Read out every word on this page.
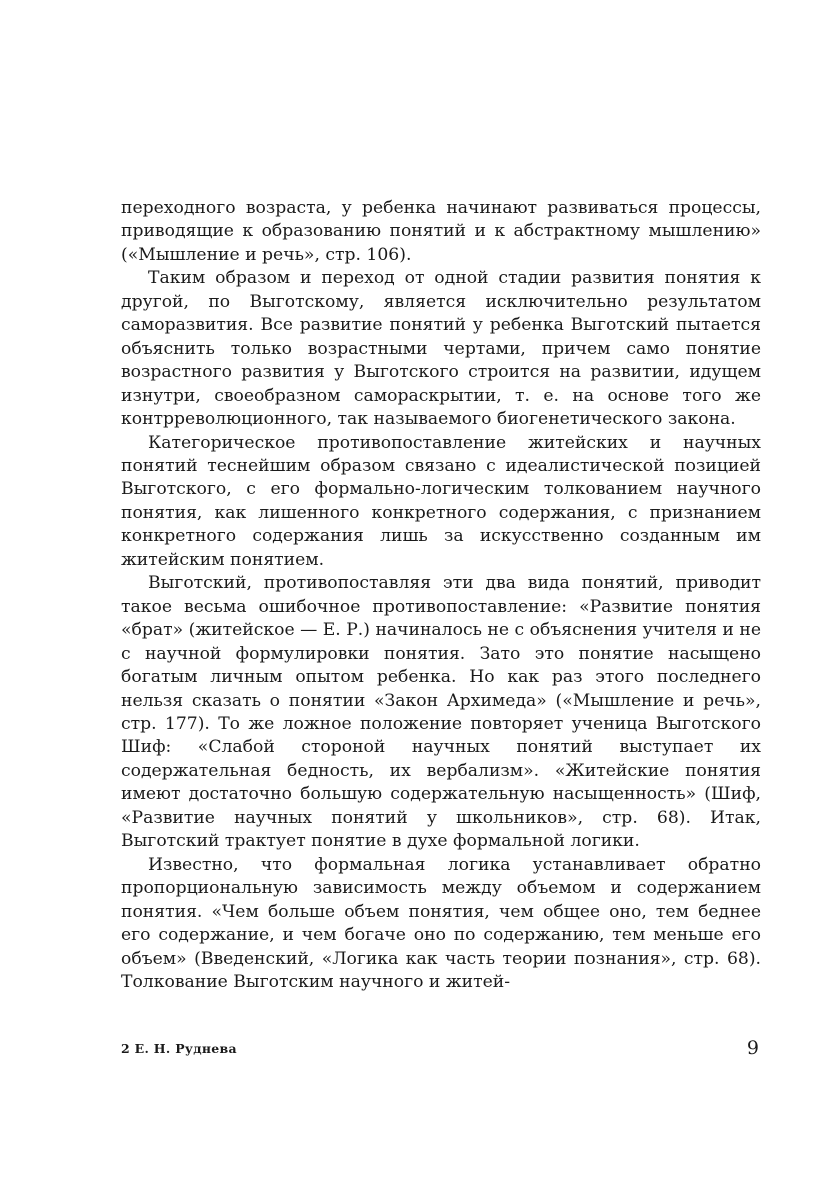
переходного возраста, у ребенка начинают развиваться процессы, приводящие к образованию понятий и к абстрактному мышлению» («Мышление и речь», стр. 106).

Таким образом и переход от одной стадии развития понятия к другой, по Выготскому, является исключительно результатом саморазвития. Все развитие понятий у ребенка Выготский пытается объяснить только возрастными чертами, причем само понятие возрастного развития у Выготского строится на развитии, идущем изнутри, своеобразном самораскрытии, т. е. на основе того же контрреволюционного, так называемого биогенетического закона.

Категорическое противопоставление житейских и научных понятий теснейшим образом связано с идеалистической позицией Выготского, с его формально-логическим толкованием научного понятия, как лишенного конкретного содержания, с признанием конкретного содержания лишь за искусственно созданным им житейским понятием.

Выготский, противопоставляя эти два вида понятий, приводит такое весьма ошибочное противопоставление: «Развитие понятия «брат» (житейское — Е. Р.) начиналось не с объяснения учителя и не с научной формулировки понятия. Зато это понятие насыщено богатым личным опытом ребенка. Но как раз этого последнего нельзя сказать о понятии «Закон Архимеда» («Мышление и речь», стр. 177). То же ложное положение повторяет ученица Выготского Шиф: «Слабой стороной научных понятий выступает их содержательная бедность, их вербализм». «Житейские понятия имеют достаточно большую содержательную насыщенность» (Шиф, «Развитие научных понятий у школьников», стр. 68). Итак, Выготский трактует понятие в духе формальной логики.

Известно, что формальная логика устанавливает обратно пропорциональную зависимость между объемом и содержанием понятия. «Чем больше объем понятия, чем общее оно, тем беднее его содержание, и чем богаче оно по содержанию, тем меньше его объем» (Введенский, «Логика как часть теории познания», стр. 68). Толкование Выготским научного и житей-

2 Е. Н. Руднева	9
